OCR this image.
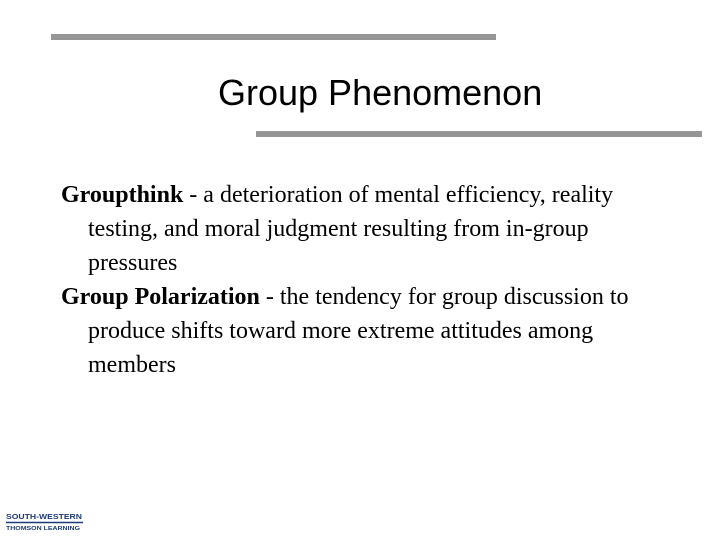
Group Phenomenon

Groupthink - a deterioration of mental efficiency, reality testing, and moral judgment resulting from in-group pressures

Group Polarization - the tendency for group discussion to produce shifts toward more extreme attitudes among members

SOUTH-WESTERN
THOMSON LEARNING
